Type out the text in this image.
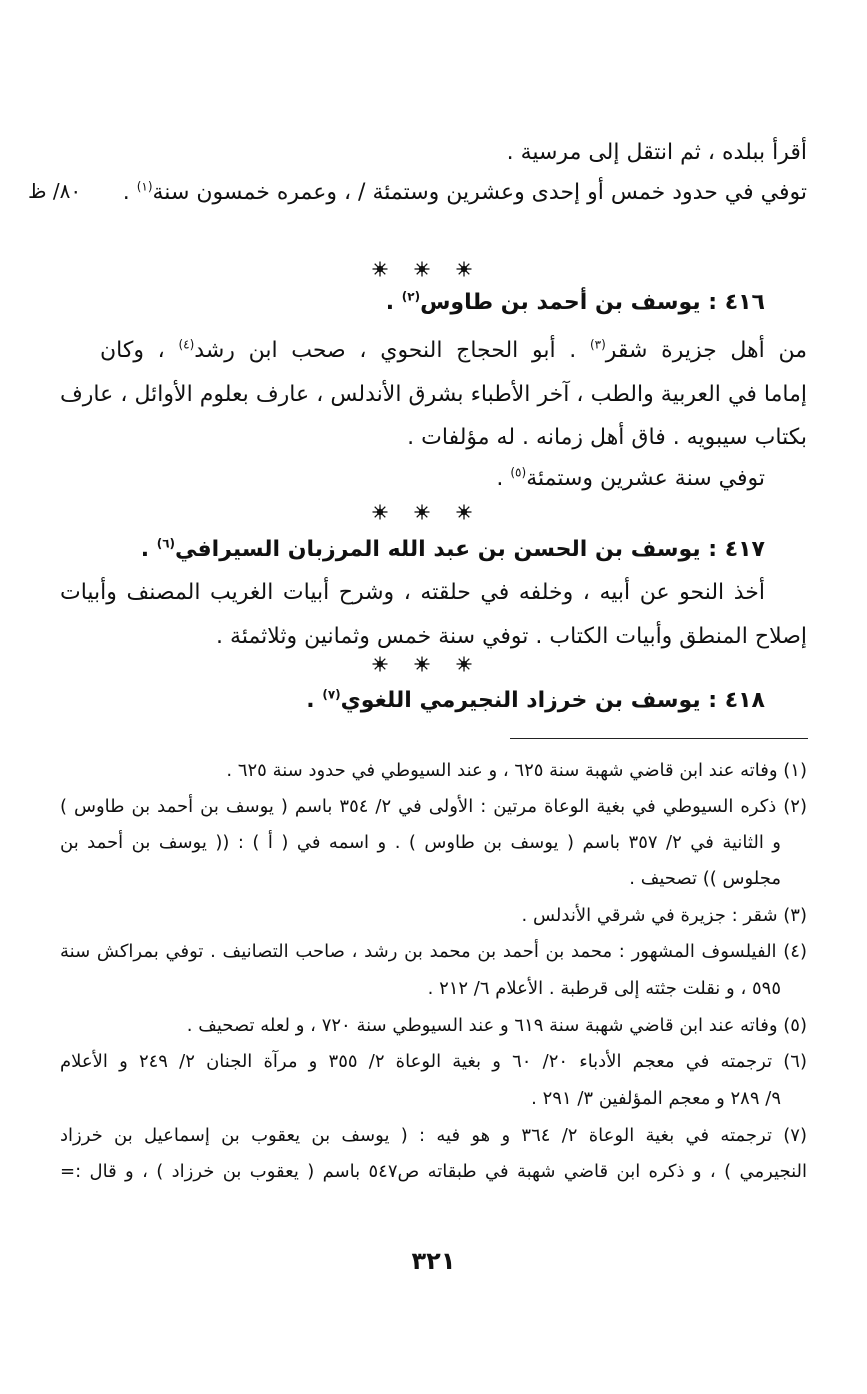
٨٠/ ظ
أقرأ ببلده ، ثم انتقل إلى مرسية .
توفي في حدود خمس أو إحدى وعشرين وستمئة / ، وعمره خمسون سنة$^{(١)}$ .
٤١٦ : يوسف بن أحمد بن طاوس$^{(٢)}$ .
من أهل جزيرة شقر$^{(٣)}$ . أبو الحجاج النحوي ، صحب ابن رشد$^{(٤)}$ ، وكان
إماما في العربية والطب ، آخر الأطباء بشرق الأندلس ، عارف بعلوم الأوائل ، عارف
بكتاب سيبويه . فاق أهل زمانه . له مؤلفات .
توفي سنة عشرين وستمئة$^{(٥)}$ .
٤١٧ : يوسف بن الحسن بن عبد الله المرزبان السيرافي$^{(٦)}$ .
أخذ النحو عن أبيه ، وخلفه في حلقته ، وشرح أبيات الغريب المصنف وأبيات
إصلاح المنطق وأبيات الكتاب . توفي سنة خمس وثمانين وثلاثمئة .
٤١٨ : يوسف بن خرزاد النجيرمي اللغوي$^{(٧)}$ .
(١) وفاته عند ابن قاضي شهبة سنة ٦٢٥ ، و عند السيوطي في حدود سنة ٦٢٥ .
(٢) ذكره السيوطي في بغية الوعاة مرتين : الأولى في ٢/ ٣٥٤ باسم ( يوسف بن أحمد بن طاوس )
و الثانية في ٢/ ٣٥٧ باسم ( يوسف بن طاوس ) . و اسمه في ( أ ) : (( يوسف بن أحمد بن
مجلوس )) تصحيف .
(٣) شقر : جزيرة في شرقي الأندلس .
(٤) الفيلسوف المشهور : محمد بن أحمد بن محمد بن رشد ، صاحب التصانيف . توفي بمراكش سنة
٥٩٥ ، و نقلت جثته إلى قرطبة . الأعلام ٦/ ٢١٢ .
(٥) وفاته عند ابن قاضي شهبة سنة ٦١٩ و عند السيوطي سنة ٧٢٠ ، و لعله تصحيف .
(٦) ترجمته في معجم الأدباء ٢٠/ ٦٠ و بغية الوعاة ٢/ ٣٥٥ و مرآة الجنان ٢/ ٢٤٩ و الأعلام
٩/ ٢٨٩ و معجم المؤلفين ٣/ ٢٩١ .
(٧) ترجمته في بغية الوعاة ٢/ ٣٦٤ و هو فيه : ( يوسف بن يعقوب بن إسماعيل بن خرزاد
النجيرمي ) ، و ذكره ابن قاضي شهبة في طبقاته ص٥٤٧ باسم ( يعقوب بن خرزاد ) ، و قال :=
٣٢١
